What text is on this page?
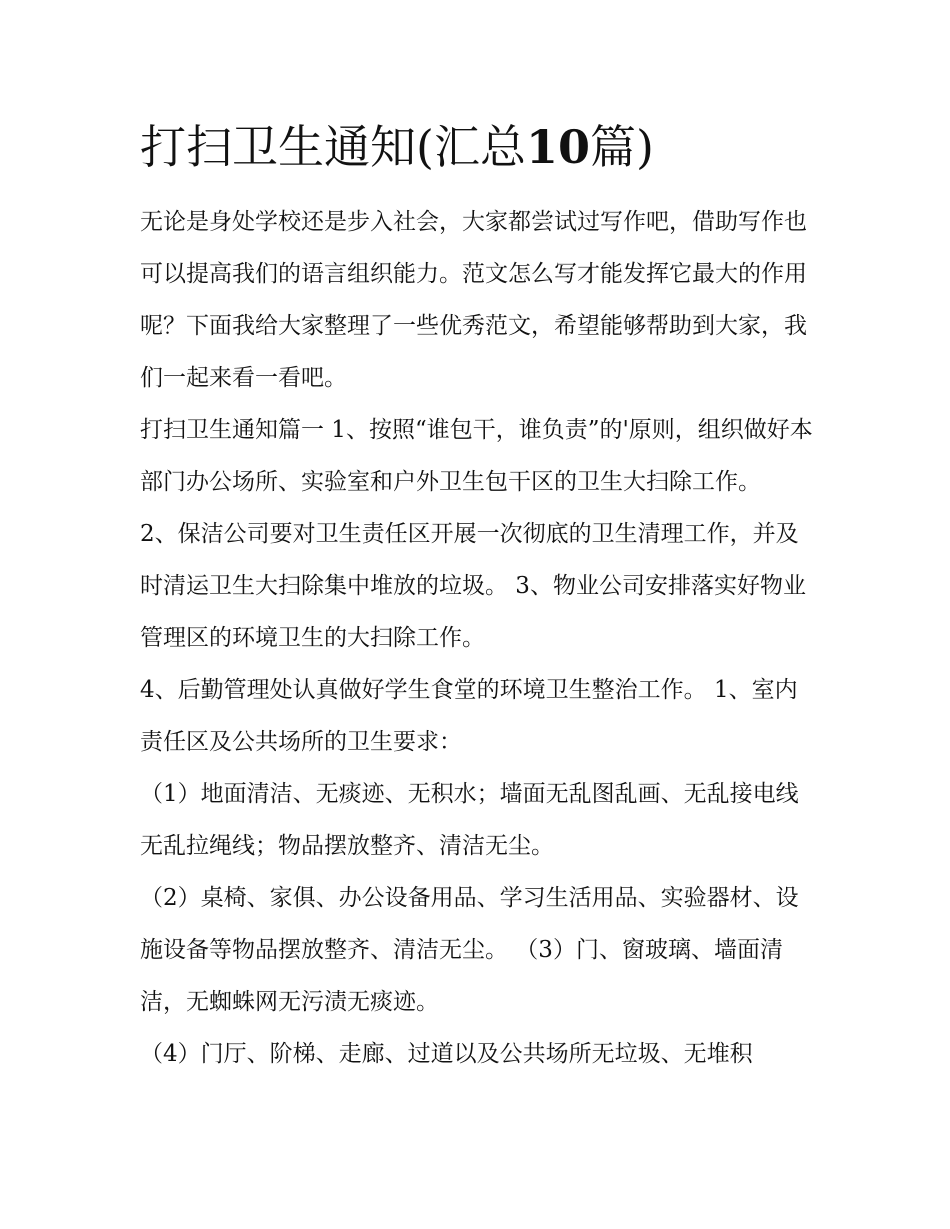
打扫卫生通知(汇总10篇)

无论是身处学校还是步入社会，大家都尝试过写作吧，借助写作也可以提高我们的语言组织能力。范文怎么写才能发挥它最大的作用呢？下面我给大家整理了一些优秀范文，希望能够帮助到大家，我们一起来看一看吧。

打扫卫生通知篇一 1、按照“谁包干，谁负责”的'原则，组织做好本部门办公场所、实验室和户外卫生包干区的卫生大扫除工作。

2、保洁公司要对卫生责任区开展一次彻底的卫生清理工作，并及时清运卫生大扫除集中堆放的垃圾。 3、物业公司安排落实好物业管理区的环境卫生的大扫除工作。

4、后勤管理处认真做好学生食堂的环境卫生整治工作。 1、室内责任区及公共场所的卫生要求：

（1）地面清洁、无痰迹、无积水；墙面无乱图乱画、无乱接电线无乱拉绳线；物品摆放整齐、清洁无尘。

（2）桌椅、家俱、办公设备用品、学习生活用品、实验器材、设施设备等物品摆放整齐、清洁无尘。 （3）门、窗玻璃、墙面清洁，无蜘蛛网无污渍无痰迹。

（4）门厅、阶梯、走廊、过道以及公共场所无垃圾、无堆积
